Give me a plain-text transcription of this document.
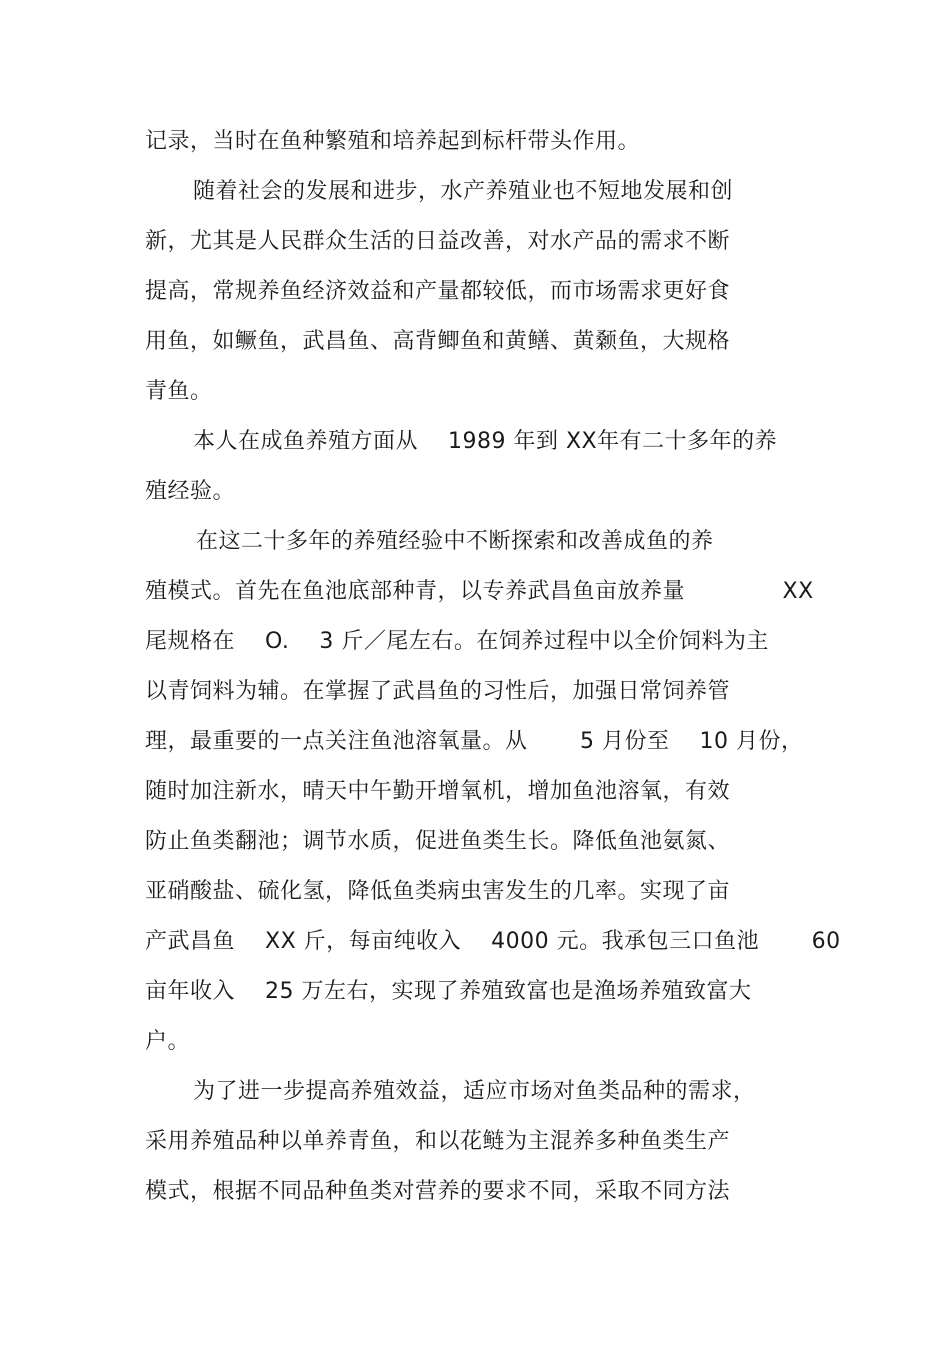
记录，当时在鱼种繁殖和培养起到标杆带头作用。
随着社会的发展和进步，水产养殖业也不短地发展和创
新，尤其是人民群众生活的日益改善，对水产品的需求不断
提高，常规养鱼经济效益和产量都较低，而市场需求更好食
用鱼，如鳜鱼，武昌鱼、高背鲫鱼和黄鳝、黄颡鱼，大规格
青鱼。
本人在成鱼养殖方面从 　1989 年到 XX年有二十多年的养
殖经验。
在这二十多年的养殖经验中不断探索和改善成鱼的养
殖模式。首先在鱼池底部种青，以专养武昌鱼亩放养量 　　　　XX
尾规格在 　O. 　3 斤／尾左右。在饲养过程中以全价饲料为主
以青饲料为辅。在掌握了武昌鱼的习性后，加强日常饲养管
理，最重要的一点关注鱼池溶氧量。从 　　5 月份至 　10 月份，
随时加注新水，晴天中午勤开增氧机，增加鱼池溶氧，有效
防止鱼类翻池；调节水质，促进鱼类生长。降低鱼池氨氮、
亚硝酸盐、硫化氢，降低鱼类病虫害发生的几率。实现了亩
产武昌鱼 　XX 斤，每亩纯收入 　4000 元。我承包三口鱼池 　　60
亩年收入 　25 万左右，实现了养殖致富也是渔场养殖致富大
户。
为了进一步提高养殖效益，适应市场对鱼类品种的需求，
采用养殖品种以单养青鱼，和以花鲢为主混养多种鱼类生产
模式，根据不同品种鱼类对营养的要求不同，采取不同方法
